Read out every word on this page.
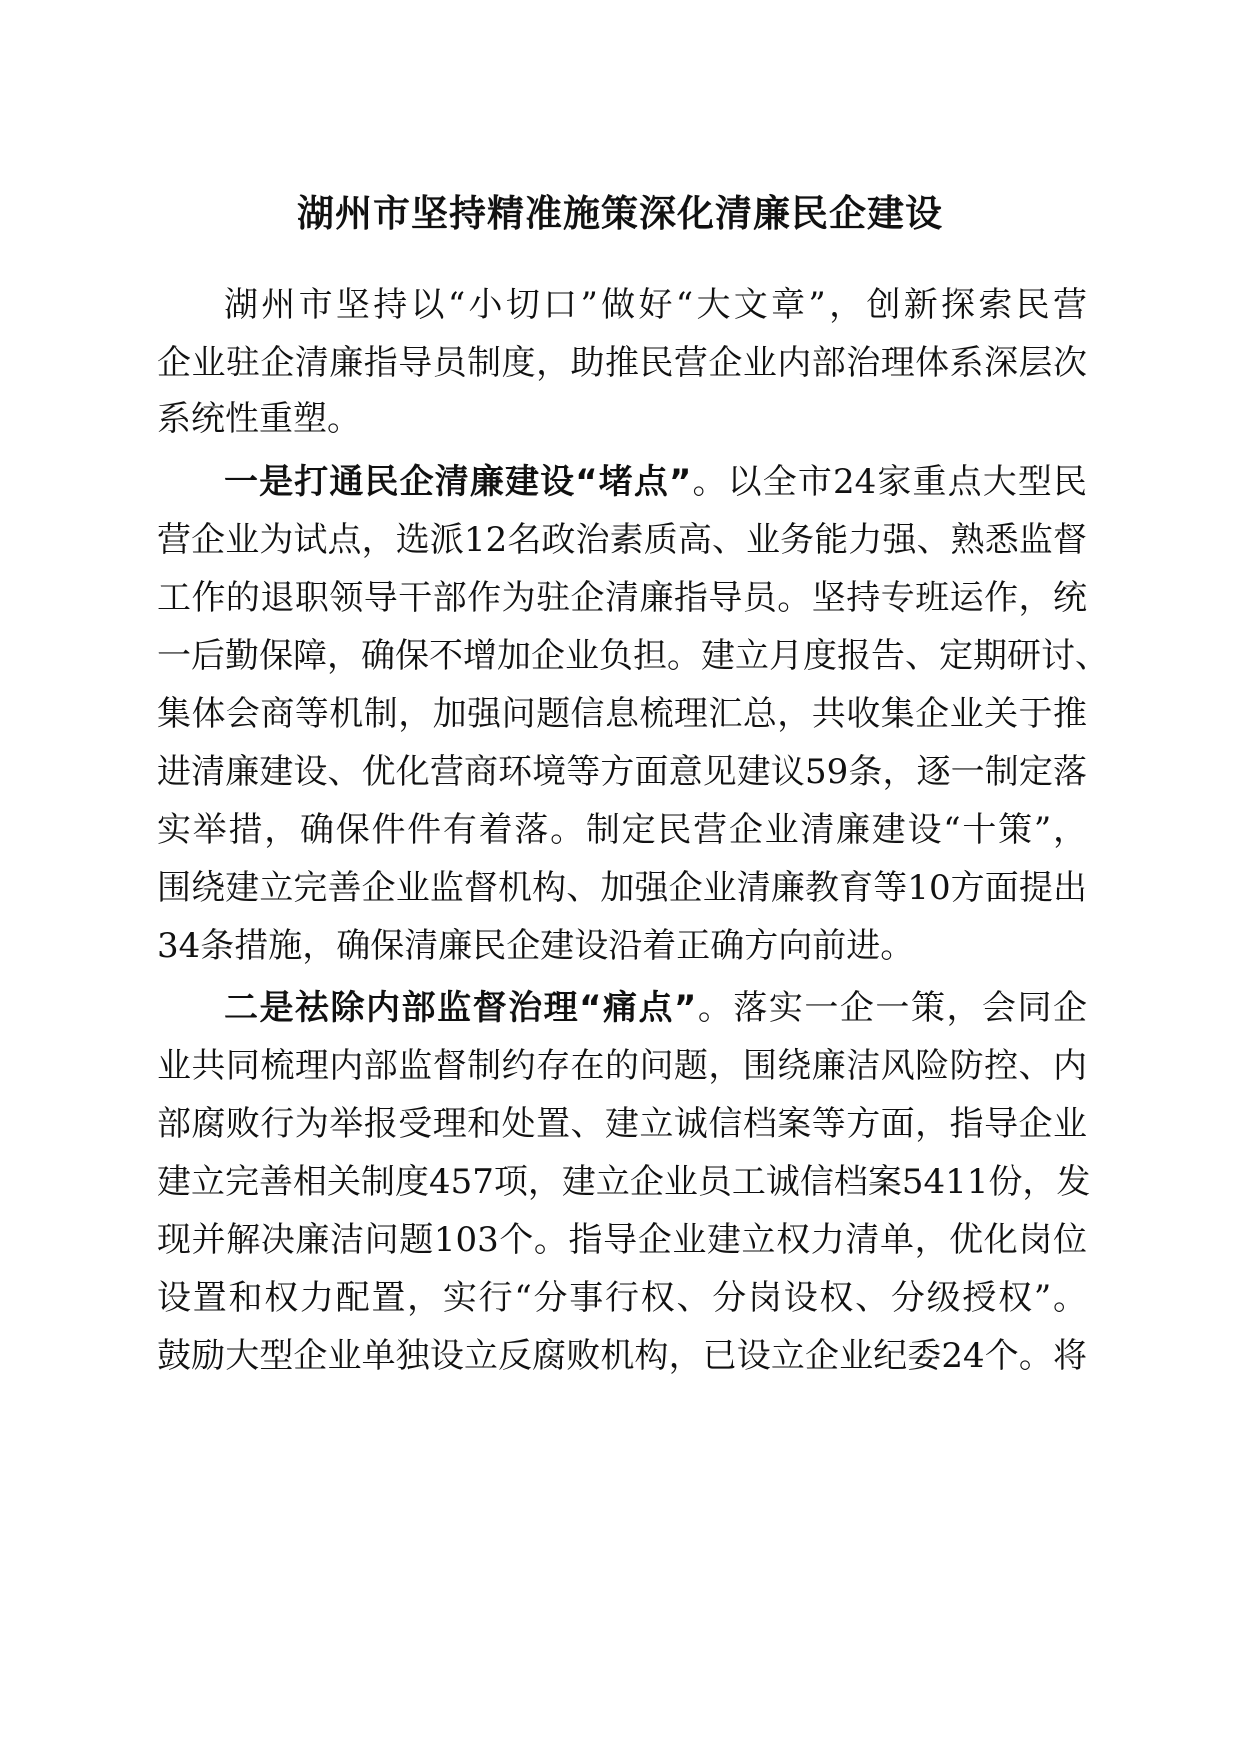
湖州市坚持精准施策深化清廉民企建设
湖州市坚持以“小切口”做好“大文章”，创新探索民营
企业驻企清廉指导员制度，助推民营企业内部治理体系深层次
系统性重塑。
一是打通民企清廉建设“堵点”。以全市24家重点大型民
营企业为试点，选派12名政治素质高、业务能力强、熟悉监督
工作的退职领导干部作为驻企清廉指导员。坚持专班运作，统
一后勤保障，确保不增加企业负担。建立月度报告、定期研讨、
集体会商等机制，加强问题信息梳理汇总，共收集企业关于推
进清廉建设、优化营商环境等方面意见建议59条，逐一制定落
实举措，确保件件有着落。制定民营企业清廉建设“十策”，
围绕建立完善企业监督机构、加强企业清廉教育等10方面提出
34条措施，确保清廉民企建设沿着正确方向前进。
二是祛除内部监督治理“痛点”。落实一企一策，会同企
业共同梳理内部监督制约存在的问题，围绕廉洁风险防控、内
部腐败行为举报受理和处置、建立诚信档案等方面，指导企业
建立完善相关制度457项，建立企业员工诚信档案5411份，发
现并解决廉洁问题103个。指导企业建立权力清单，优化岗位
设置和权力配置，实行“分事行权、分岗设权、分级授权”。
鼓励大型企业单独设立反腐败机构，已设立企业纪委24个。将
